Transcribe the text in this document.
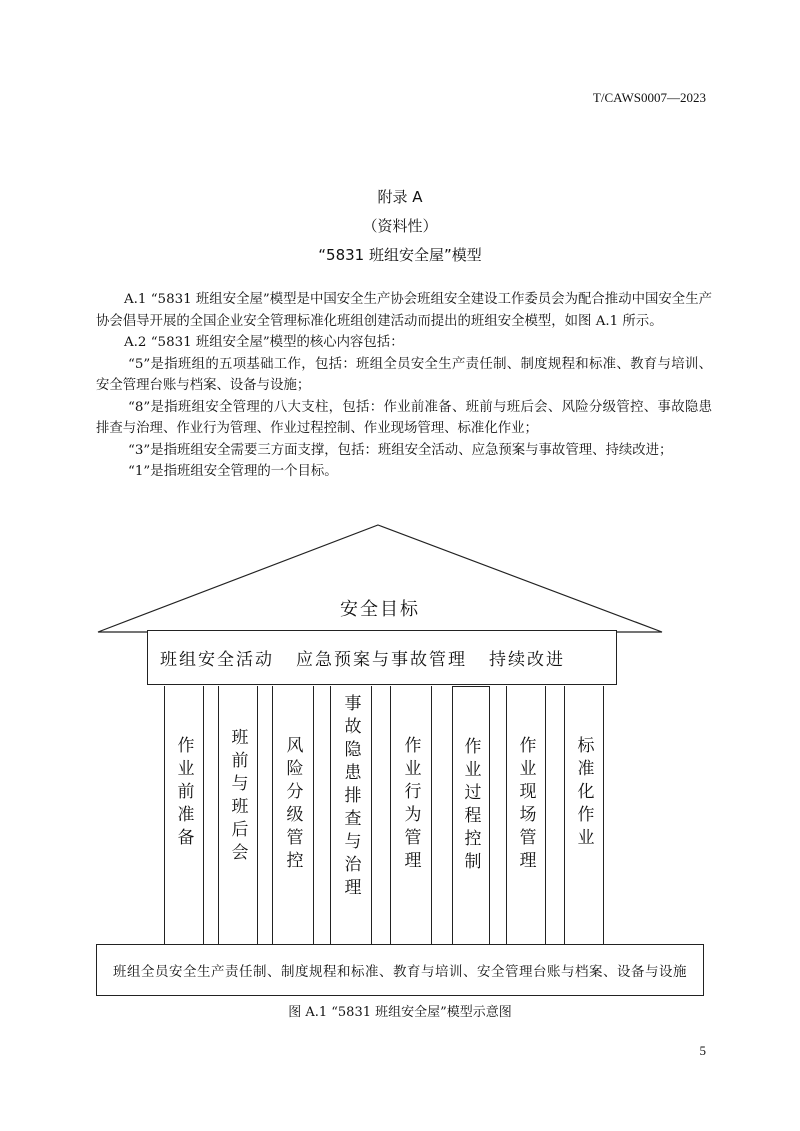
T/CAWS0007—2023
附录 A
（资料性）
“5831 班组安全屋”模型

A.1 “5831 班组安全屋”模型是中国安全生产协会班组安全建设工作委员会为配合推动中国安全生产协会倡导开展的全国企业安全管理标准化班组创建活动而提出的班组安全模型，如图 A.1 所示。

A.2 “5831 班组安全屋”模型的核心内容包括：

“5”是指班组的五项基础工作，包括：班组全员安全生产责任制、制度规程和标准、教育与培训、安全管理台账与档案、设备与设施；

“8”是指班组安全管理的八大支柱，包括：作业前准备、班前与班后会、风险分级管控、事故隐患排查与治理、作业行为管理、作业过程控制、作业现场管理、标准化作业；

“3”是指班组安全需要三方面支撑，包括：班组安全活动、应急预案与事故管理、持续改进；

“1”是指班组安全管理的一个目标。

安全目标
班组安全活动 应急预案与事故管理 持续改进
作业前准备 班前与班后会 风险分级管控 事故隐患排查与治理 作业行为管理 作业过程控制 作业现场管理 标准化作业
班组全员安全生产责任制、制度规程和标准、教育与培训、安全管理台账与档案、设备与设施
图 A.1 “5831 班组安全屋”模型示意图
5
